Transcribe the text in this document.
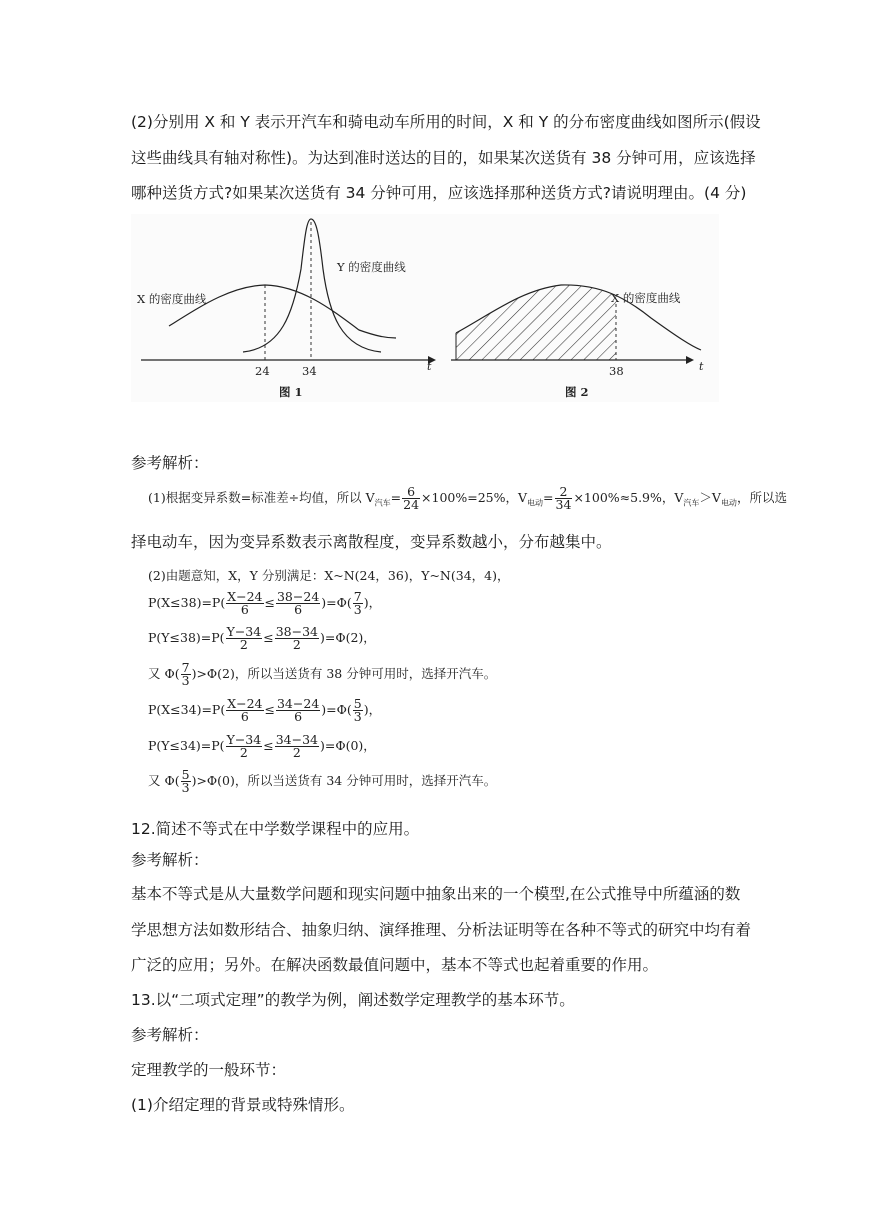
(2)分别用 X 和 Y 表示开汽车和骑电动车所用的时间，X 和 Y 的分布密度曲线如图所示(假设
这些曲线具有轴对称性)。为达到准时送达的目的，如果某次送货有 38 分钟可用，应该选择
哪种送货方式?如果某次送货有 34 分钟可用，应该选择那种送货方式?请说明理由。(4 分)
X 的密度曲线
Y 的密度曲线
24	34	t
图 1
X 的密度曲线
38	t
图 2
参考解析：
(1)根据变异系数=标准差÷均值，所以 $V_{汽车}= \frac{6}{24} \times 100\%=25\%$，$V_{电动}= \frac{2}{34} \times 100\%\approx 5.9\%$，$V_{汽车}>V_{电动}$，所以选
择电动车，因为变异系数表示离散程度，变异系数越小，分布越集中。
(2)由题意知，X，Y 分别满足：X~N(24，36)，Y~N(34，4)，
$P(X\le 38)=P( \frac{X-24}{6} \le \frac{38-24}{6} )=\Phi( \frac{7}{3}$ )，
$P(Y\le 38)=P( \frac{Y-34}{2} \le \frac{38-34}{2} )=\Phi(2)$，
又 $\Phi( \frac{7}{3} )>\Phi(2)$，所以当送货有 38 分钟可用时，选择开汽车。
$P(X\le 34)=P( \frac{X-24}{6} \le \frac{34-24}{6} )=\Phi( \frac{5}{3}$ )，
$P(Y\le 34)=P( \frac{Y-34}{2} \le \frac{34-34}{2} )=\Phi(0)$，
又 $\Phi( \frac{5}{3} )>\Phi(0)$，所以当送货有 34 分钟可用时，选择开汽车。
12.简述不等式在中学数学课程中的应用。
参考解析：
基本不等式是从大量数学问题和现实问题中抽象出来的一个模型,在公式推导中所蕴涵的数
学思想方法如数形结合、抽象归纳、演绎推理、分析法证明等在各种不等式的研究中均有着
广泛的应用；另外。在解决函数最值问题中，基本不等式也起着重要的作用。
13.以“二项式定理”的教学为例，阐述数学定理教学的基本环节。
参考解析：
定理教学的一般环节：
(1)介绍定理的背景或特殊情形。
